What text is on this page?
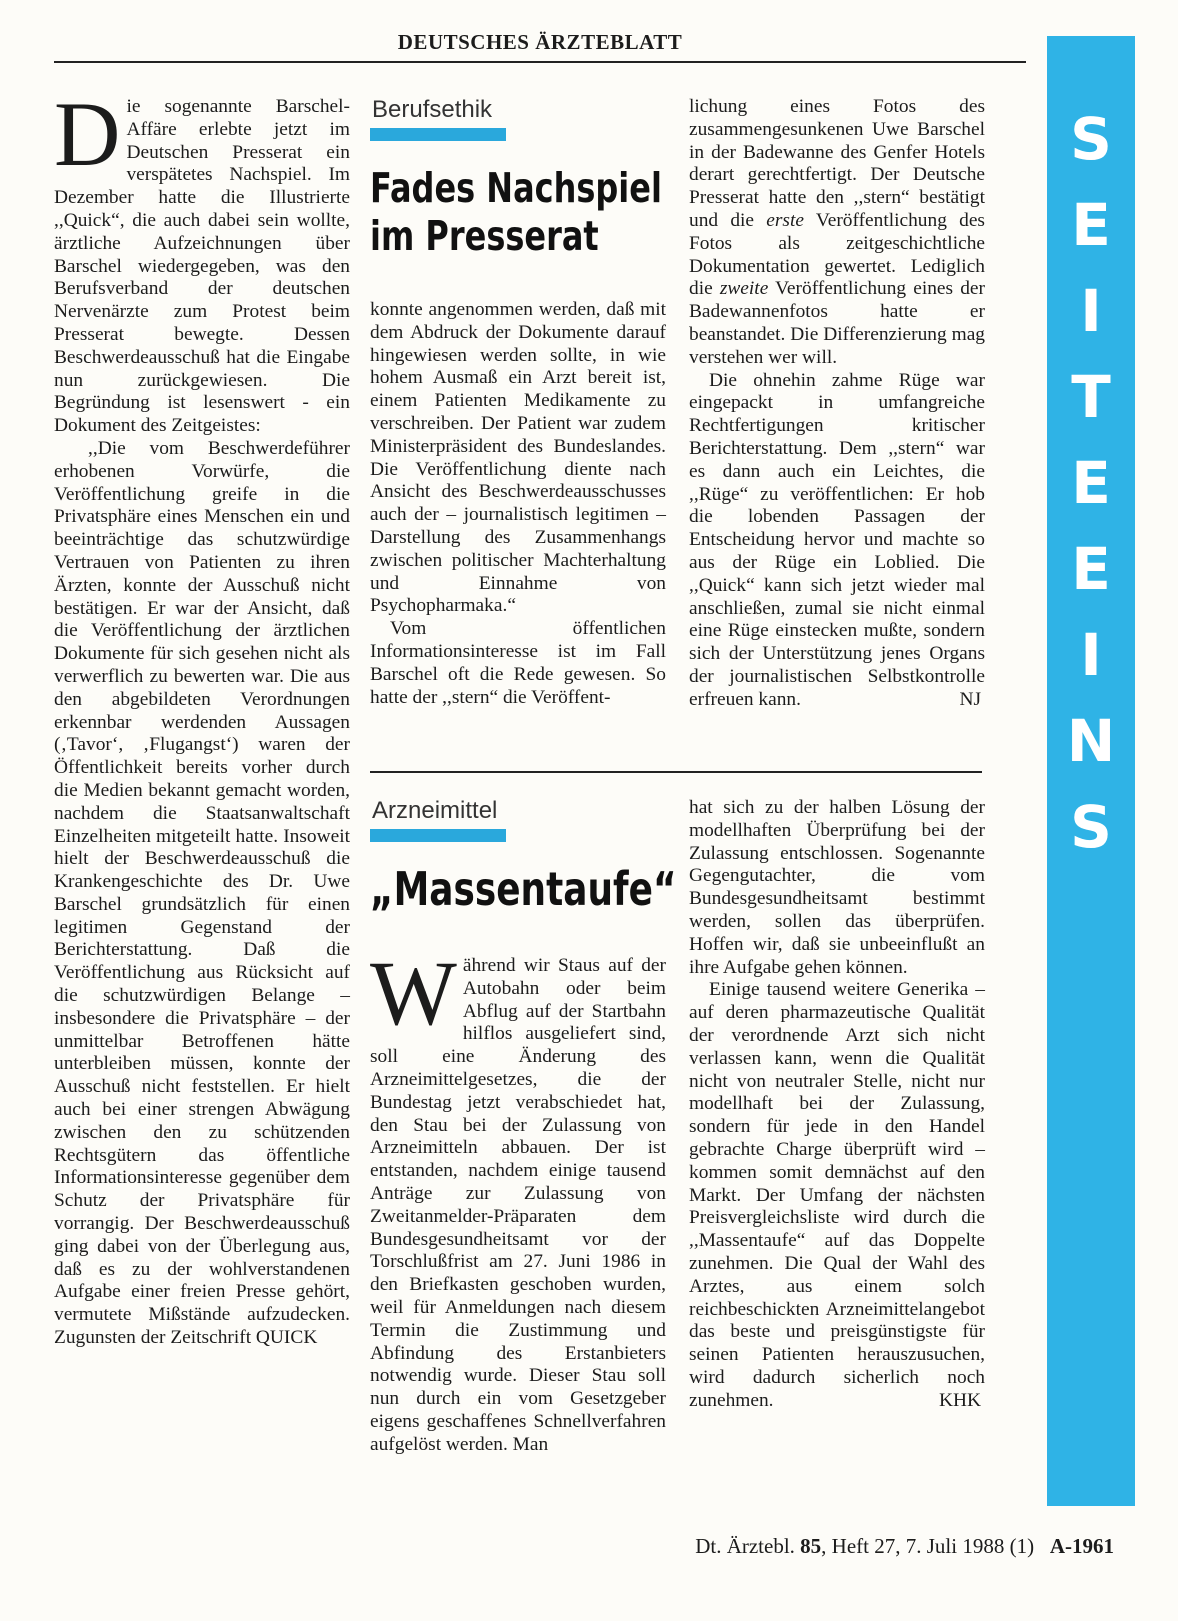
DEUTSCHES ÄRZTEBLATT

Die sogenannte Barschel-Affäre erlebte jetzt im Deutschen Presserat ein verspätetes Nachspiel. Im Dezember hatte die Illustrierte ,,Quick“, die auch dabei sein wollte, ärztliche Aufzeichnungen über Barschel wiedergegeben, was den Berufsverband der deutschen Nervenärzte zum Protest beim Presserat bewegte. Dessen Beschwerdeausschuß hat die Eingabe nun zurückgewiesen. Die Begründung ist lesenswert - ein Dokument des Zeitgeistes:

,,Die vom Beschwerdeführer erhobenen Vorwürfe, die Veröffentlichung greife in die Privatsphäre eines Menschen ein und beeinträchtige das schutzwürdige Vertrauen von Patienten zu ihren Ärzten, konnte der Ausschuß nicht bestätigen. Er war der Ansicht, daß die Veröffentlichung der ärztlichen Dokumente für sich gesehen nicht als verwerflich zu bewerten war. Die aus den abgebildeten Verordnungen erkennbar werdenden Aussagen (‚Tavor‘, ‚Flugangst‘) waren der Öffentlichkeit bereits vorher durch die Medien bekannt gemacht worden, nachdem die Staatsanwaltschaft Einzelheiten mitgeteilt hatte. Insoweit hielt der Beschwerdeausschuß die Krankengeschichte des Dr. Uwe Barschel grundsätzlich für einen legitimen Gegenstand der Berichterstattung. Daß die Veröffentlichung aus Rücksicht auf die schutzwürdigen Belange – insbesondere die Privatsphäre – der unmittelbar Betroffenen hätte unterbleiben müssen, konnte der Ausschuß nicht feststellen. Er hielt auch bei einer strengen Abwägung zwischen den zu schützenden Rechtsgütern das öffentliche Informationsinteresse gegenüber dem Schutz der Privatsphäre für vorrangig. Der Beschwerdeausschuß ging dabei von der Überlegung aus, daß es zu der wohlverstandenen Aufgabe einer freien Presse gehört, vermutete Mißstände aufzudecken. Zugunsten der Zeitschrift QUICK

Berufsethik
Fades Nachspiel
im Presserat

konnte angenommen werden, daß mit dem Abdruck der Dokumente darauf hingewiesen werden sollte, in wie hohem Ausmaß ein Arzt bereit ist, einem Patienten Medikamente zu verschreiben. Der Patient war zudem Ministerpräsident des Bundeslandes. Die Veröffentlichung diente nach Ansicht des Beschwerdeausschusses auch der – journalistisch legitimen – Darstellung des Zusammenhangs zwischen politischer Machterhaltung und Einnahme von Psychopharmaka.“

Vom öffentlichen Informationsinteresse ist im Fall Barschel oft die Rede gewesen. So hatte der ,,stern“ die Veröffent-

lichung eines Fotos des zusammengesunkenen Uwe Barschel in der Badewanne des Genfer Hotels derart gerechtfertigt. Der Deutsche Presserat hatte den ,,stern“ bestätigt und die erste Veröffentlichung des Fotos als zeitgeschichtliche Dokumentation gewertet. Lediglich die zweite Veröffentlichung eines der Badewannenfotos hatte er beanstandet. Die Differenzierung mag verstehen wer will.

Die ohnehin zahme Rüge war eingepackt in umfangreiche Rechtfertigungen kritischer Berichterstattung. Dem ,,stern“ war es dann auch ein Leichtes, die ,,Rüge“ zu veröffentlichen: Er hob die lobenden Passagen der Entscheidung hervor und machte so aus der Rüge ein Loblied. Die ,,Quick“ kann sich jetzt wieder mal anschließen, zumal sie nicht einmal eine Rüge einstecken mußte, sondern sich der Unterstützung jenes Organs der journalistischen Selbstkontrolle erfreuen kann.	NJ

Arzneimittel
„Massentaufe“

Während wir Staus auf der Autobahn oder beim Abflug auf der Startbahn hilflos ausgeliefert sind, soll eine Änderung des Arzneimittelgesetzes, die der Bundestag jetzt verabschiedet hat, den Stau bei der Zulassung von Arzneimitteln abbauen. Der ist entstanden, nachdem einige tausend Anträge zur Zulassung von Zweitanmelder-Präparaten dem Bundesgesundheitsamt vor der Torschlußfrist am 27. Juni 1986 in den Briefkasten geschoben wurden, weil für Anmeldungen nach diesem Termin die Zustimmung und Abfindung des Erstanbieters notwendig wurde. Dieser Stau soll nun durch ein vom Gesetzgeber eigens geschaffenes Schnellverfahren aufgelöst werden. Man

hat sich zu der halben Lösung der modellhaften Überprüfung bei der Zulassung entschlossen. Sogenannte Gegengutachter, die vom Bundesgesundheitsamt bestimmt werden, sollen das überprüfen. Hoffen wir, daß sie unbeeinflußt an ihre Aufgabe gehen können.

Einige tausend weitere Generika – auf deren pharmazeutische Qualität der verordnende Arzt sich nicht verlassen kann, wenn die Qualität nicht von neutraler Stelle, nicht nur modellhaft bei der Zulassung, sondern für jede in den Handel gebrachte Charge überprüft wird – kommen somit demnächst auf den Markt. Der Umfang der nächsten Preisvergleichsliste wird durch die ,,Massentaufe“ auf das Doppelte zunehmen. Die Qual der Wahl des Arztes, aus einem solch reichbeschickten Arzneimittelangebot das beste und preisgünstigste für seinen Patienten herauszusuchen, wird dadurch sicherlich noch zunehmen.	KHK

S
E
I
T
E
E
I
N
S
Dt. Ärztebl. 85, Heft 27, 7. Juli 1988 (1) A-1961
